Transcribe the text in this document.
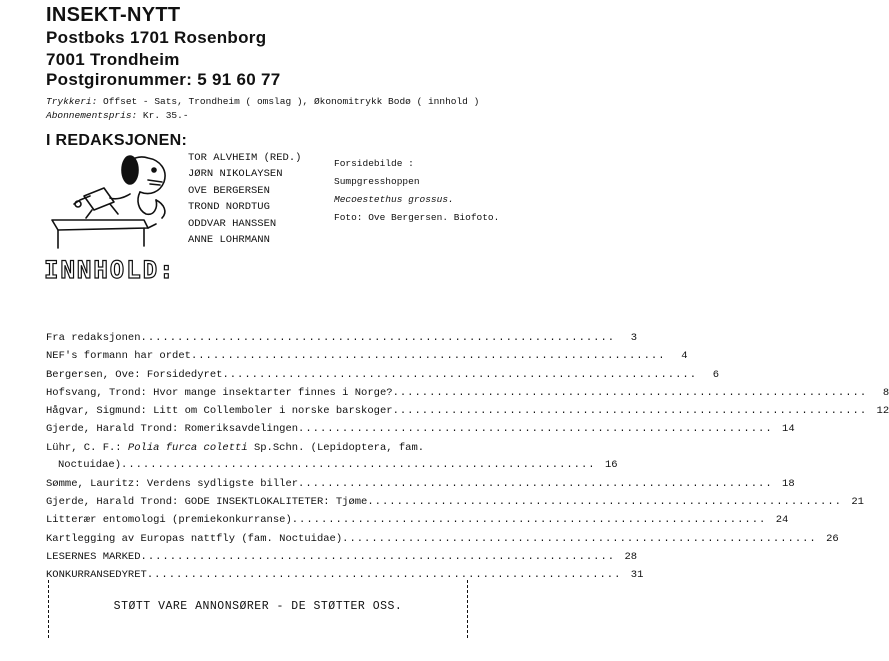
INSEKT-NYTT
Postboks 1701 Rosenborg
7001 Trondheim
Postgironummer: 5 91 60 77
Trykkeri: Offset - Sats, Trondheim ( omslag ), Økonomitrykk Bodø ( innhold )
Abonnementspris: Kr. 35.-
I REDAKSJONEN:
TOR ALVHEIM (RED.)
JØRN NIKOLAYSEN
OVE BERGERSEN
TROND NORDTUG
ODDVAR HANSSEN
ANNE LOHRMANN
Forsidebilde :
Sumpgresshoppen
Mecoestethus grossus.
Foto: Ove Bergersen. Biofoto.
INNHOLD:
Fra redaksjonen .................................................................	3
NEF's formann har ordet .................................................................	4
Bergersen, Ove: Forsidedyret .................................................................	6
Hofsvang, Trond: Hvor mange insektarter finnes i Norge? .................................................................	8
Hågvar, Sigmund: Litt om Collemboler i norske barskoger ................................................................. 12
Gjerde, Harald Trond: Romeriksavdelingen ................................................................. 14
Lühr, C. F.: Polia furca coletti Sp.Schn. (Lepidoptera, fam.
Noctuidae) ................................................................. 16
Sømme, Lauritz: Verdens sydligste biller ................................................................. 18
Gjerde, Harald Trond: GODE INSEKTLOKALITETER: Tjøme ................................................................. 21
Litterær entomologi (premiekonkurranse) ................................................................. 24
Kartlegging av Europas nattfly (fam. Noctuidae) ................................................................. 26
LESERNES MARKED ................................................................. 28
KONKURRANSEDYRET ................................................................. 31
STØTT VARE ANNONSØRER - DE STØTTER OSS.
